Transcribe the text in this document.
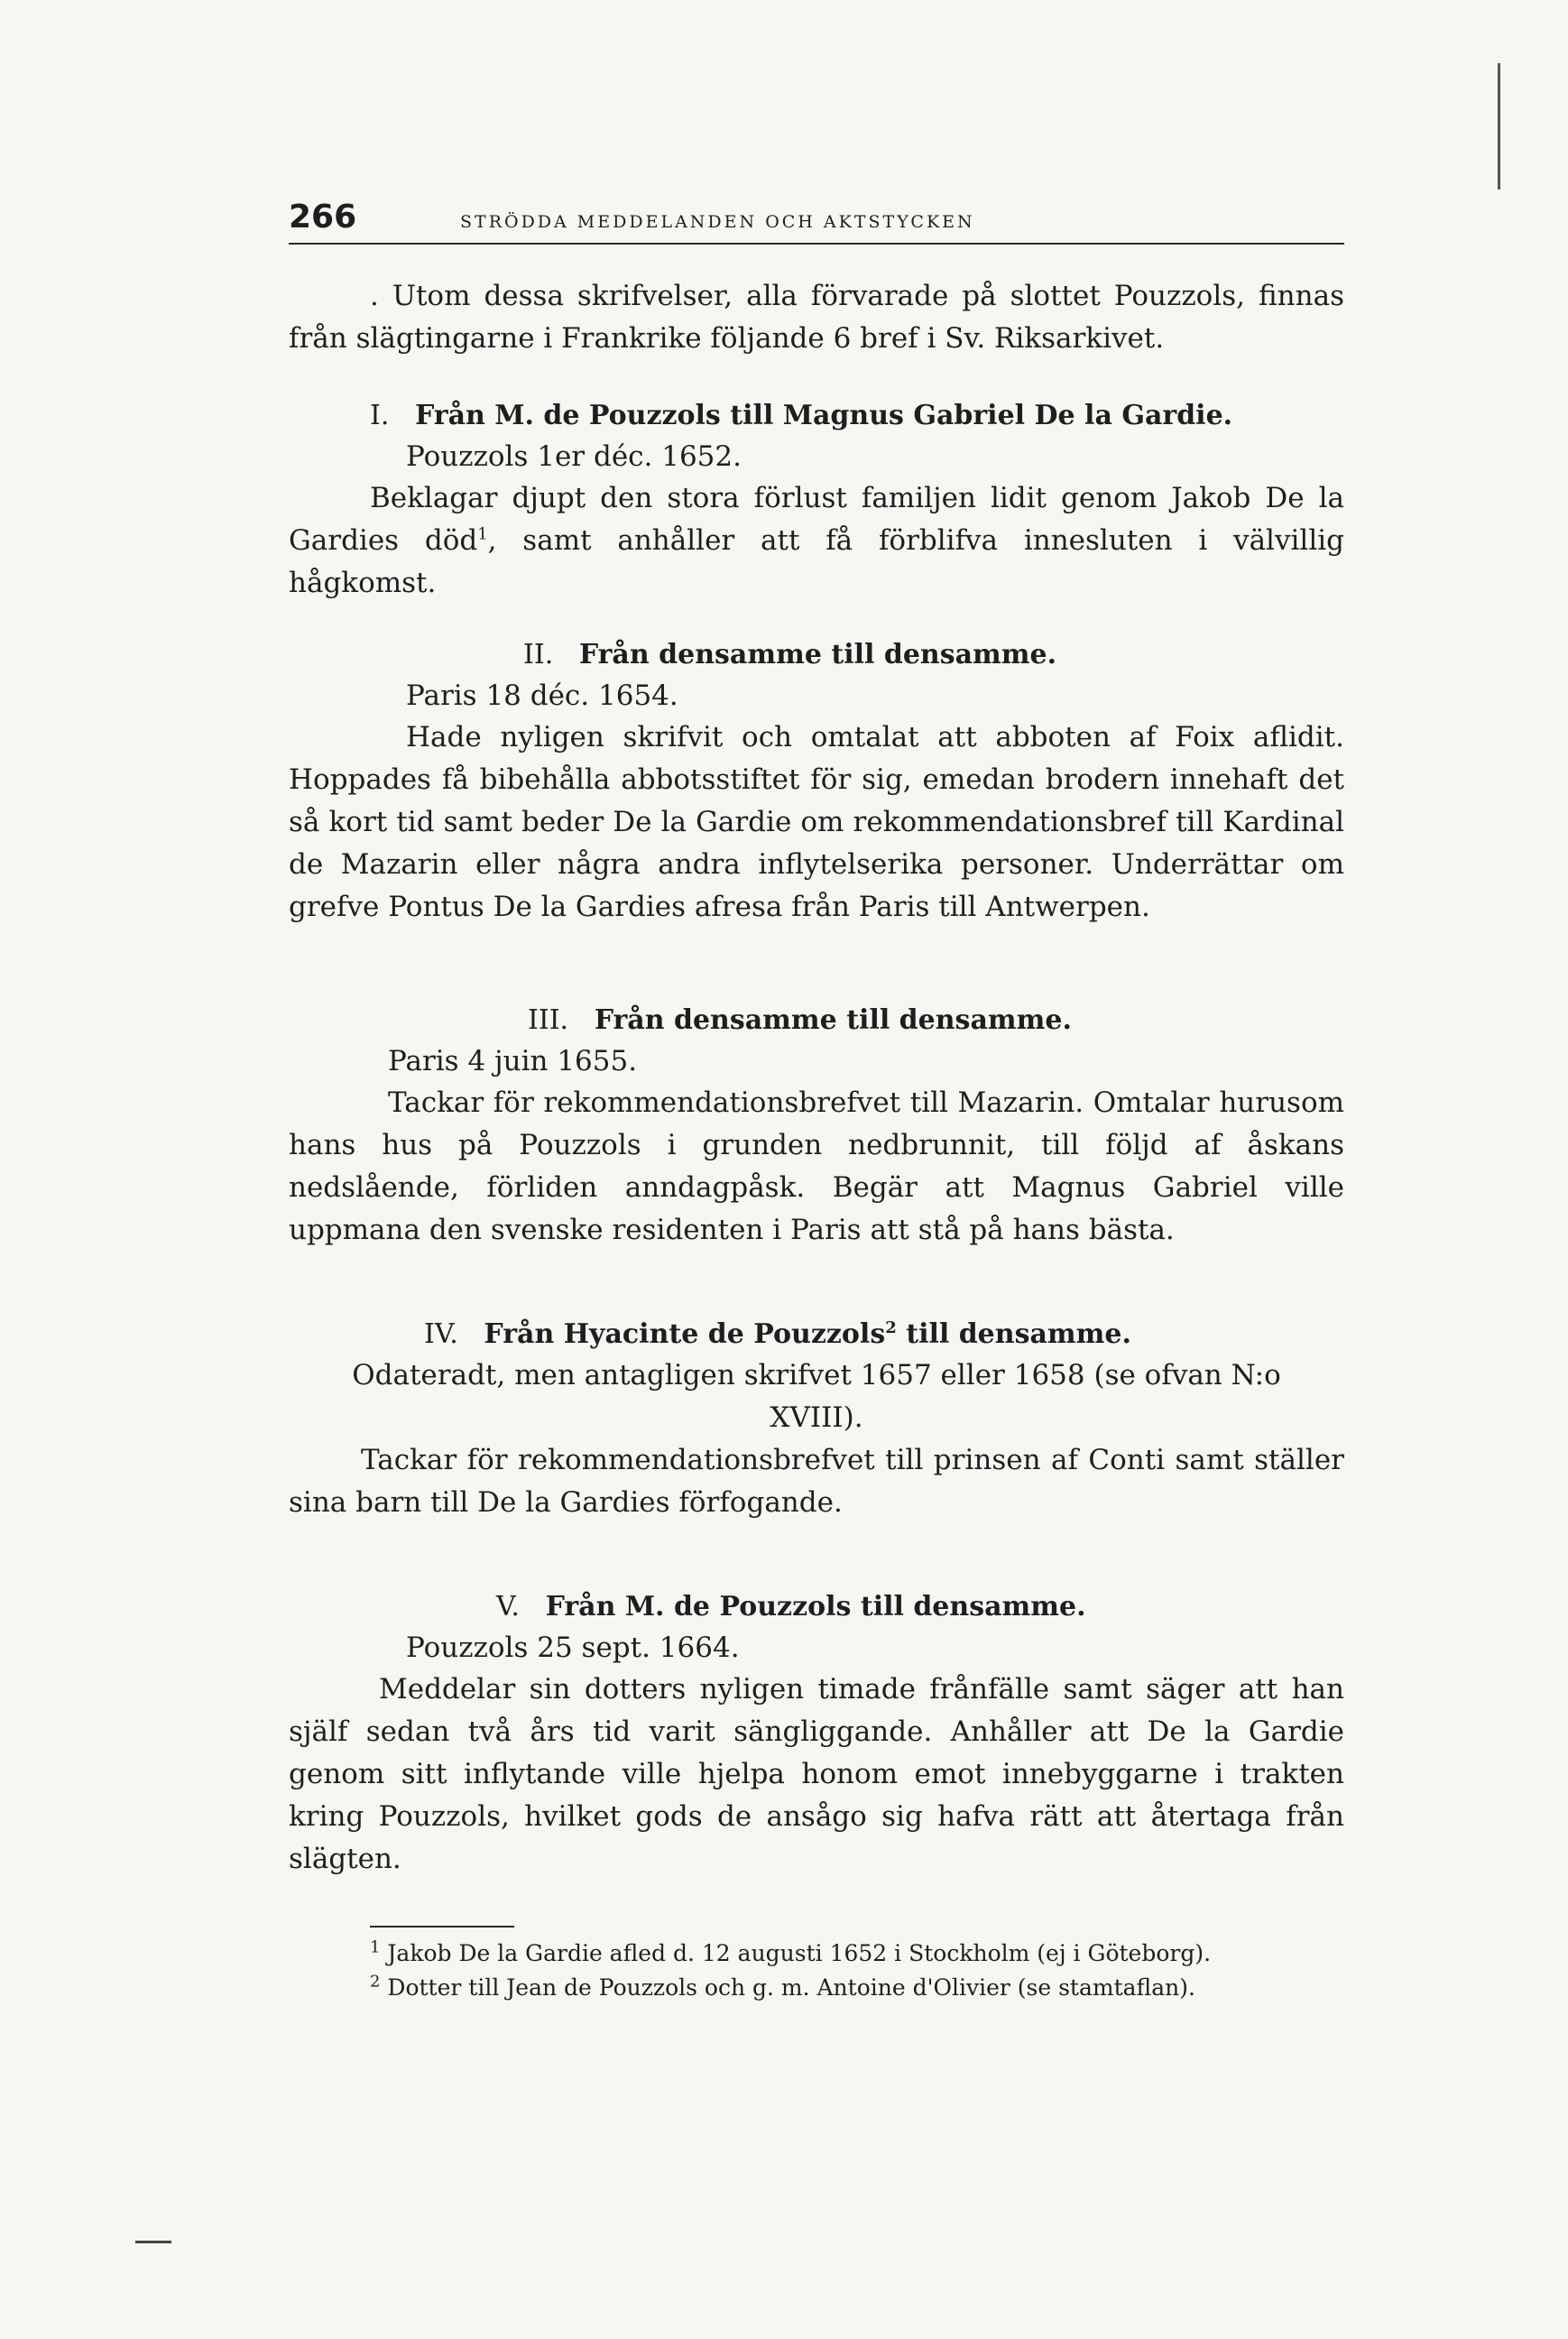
266	STRÖDDA MEDDELANDEN OCH AKTSTYCKEN

. Utom dessa skrifvelser, alla förvarade på slottet Pouzzols, finnas från slägtingarne i Frankrike följande 6 bref i Sv. Riksarkivet.

I. Från M. de Pouzzols till Magnus Gabriel De la Gardie.
Pouzzols 1er déc. 1652.

Beklagar djupt den stora förlust familjen lidit genom Jakob De la Gardies död$^1$, samt anhåller att få förblifva innesluten i välvillig hågkomst.

II. Från densamme till densamme.
Paris 18 déc. 1654.

Hade nyligen skrifvit och omtalat att abboten af Foix aflidit. Hoppades få bibehålla abbotsstiftet för sig, emedan brodern innehaft det så kort tid samt beder De la Gardie om rekommendationsbref till Kardinal de Mazarin eller några andra inflytelserika personer. Underrättar om grefve Pontus De la Gardies afresa från Paris till Antwerpen.

III. Från densamme till densamme.
Paris 4 juin 1655.

Tackar för rekommendationsbrefvet till Mazarin. Omtalar hurusom hans hus på Pouzzols i grunden nedbrunnit, till följd af åskans nedslående, förliden anndagpåsk. Begär att Magnus Gabriel ville uppmana den svenske residenten i Paris att stå på hans bästa.

IV. Från Hyacinte de Pouzzols$^2$ till densamme.

Odateradt, men antagligen skrifvet 1657 eller 1658 (se ofvan N:o XVIII).

Tackar för rekommendationsbrefvet till prinsen af Conti samt ställer sina barn till De la Gardies förfogande.

V. Från M. de Pouzzols till densamme.
Pouzzols 25 sept. 1664.

Meddelar sin dotters nyligen timade frånfälle samt säger att han själf sedan två års tid varit sängliggande. Anhåller att De la Gardie genom sitt inflytande ville hjelpa honom emot innebyggarne i trakten kring Pouzzols, hvilket gods de ansågo sig hafva rätt att återtaga från slägten.

$^1$ Jakob De la Gardie afled d. 12 augusti 1652 i Stockholm (ej i Göteborg).
$^2$ Dotter till Jean de Pouzzols och g. m. Antoine d'Olivier (se stamtaflan).
